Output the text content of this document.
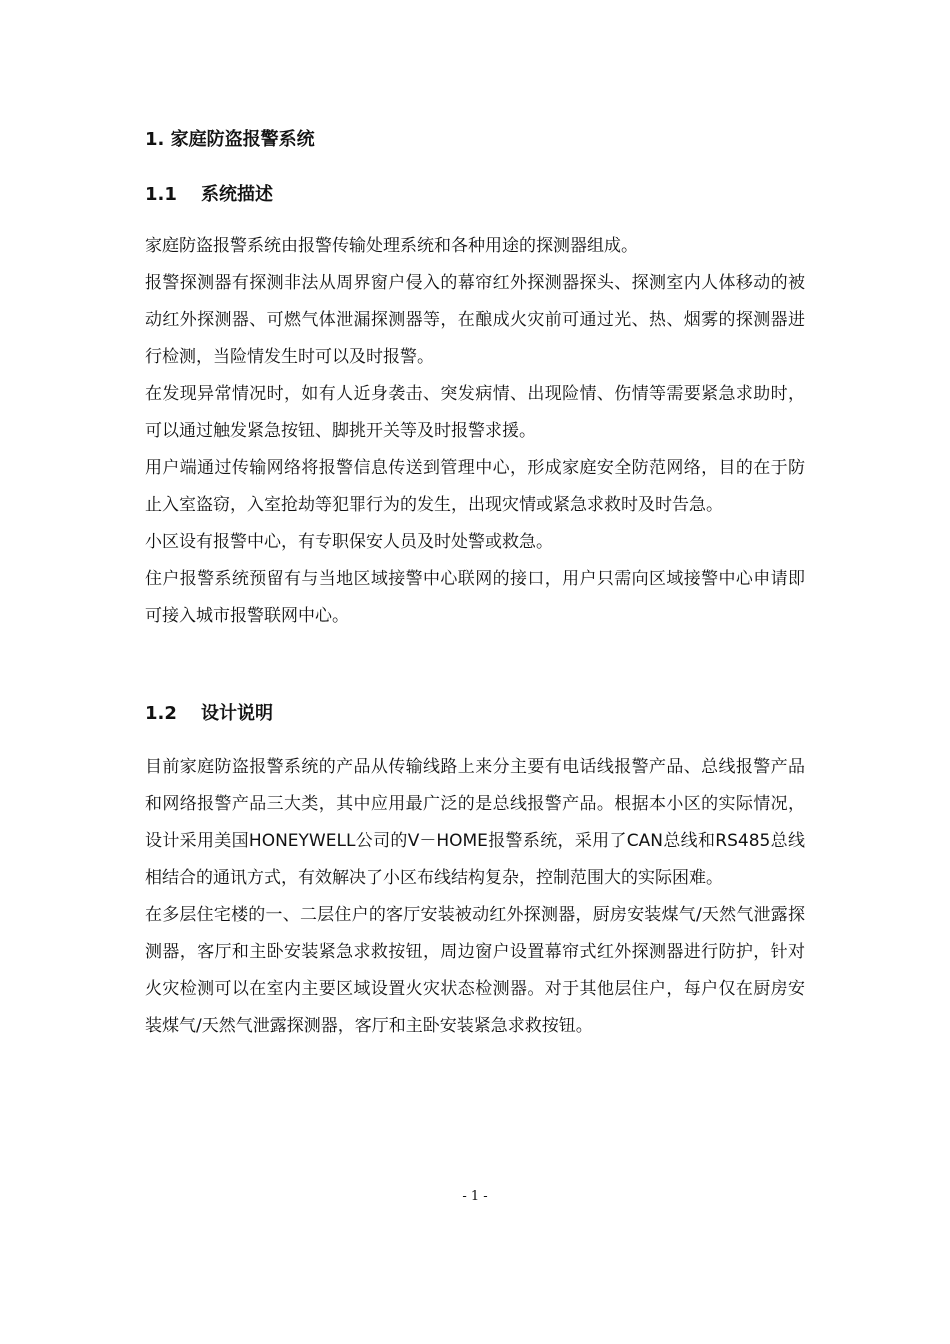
1. 家庭防盗报警系统
1.1 系统描述

家庭防盗报警系统由报警传输处理系统和各种用途的探测器组成。

报警探测器有探测非法从周界窗户侵入的幕帘红外探测器探头、探测室内人体移动的被动红外探测器、可燃气体泄漏探测器等，在酿成火灾前可通过光、热、烟雾的探测器进行检测，当险情发生时可以及时报警。

在发现异常情况时，如有人近身袭击、突发病情、出现险情、伤情等需要紧急求助时，可以通过触发紧急按钮、脚挑开关等及时报警求援。

用户端通过传输网络将报警信息传送到管理中心，形成家庭安全防范网络，目的在于防止入室盗窃，入室抢劫等犯罪行为的发生，出现灾情或紧急求救时及时告急。

小区设有报警中心，有专职保安人员及时处警或救急。

住户报警系统预留有与当地区域接警中心联网的接口，用户只需向区域接警中心申请即可接入城市报警联网中心。

1.2 设计说明

目前家庭防盗报警系统的产品从传输线路上来分主要有电话线报警产品、总线报警产品和网络报警产品三大类，其中应用最广泛的是总线报警产品。根据本小区的实际情况，设计采用美国HONEYWELL公司的V－HOME报警系统，采用了CAN总线和RS485总线相结合的通讯方式，有效解决了小区布线结构复杂，控制范围大的实际困难。

在多层住宅楼的一、二层住户的客厅安装被动红外探测器，厨房安装煤气/天然气泄露探测器，客厅和主卧安装紧急求救按钮，周边窗户设置幕帘式红外探测器进行防护，针对火灾检测可以在室内主要区域设置火灾状态检测器。对于其他层住户，每户仅在厨房安装煤气/天然气泄露探测器，客厅和主卧安装紧急求救按钮。

- 1 -
